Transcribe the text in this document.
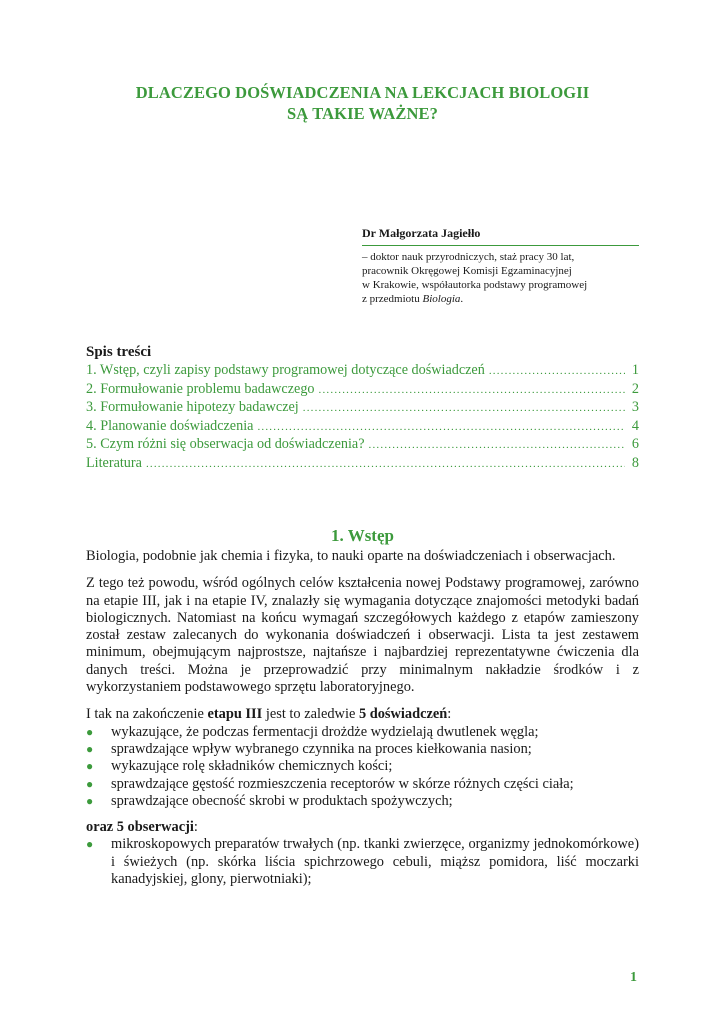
DLACZEGO DOŚWIADCZENIA NA LEKCJACH BIOLOGII
SĄ TAKIE WAŻNE?
Dr Małgorzata Jagiełło
– doktor nauk przyrodniczych, staż pracy 30 lat,
pracownik Okręgowej Komisji Egzaminacyjnej
w Krakowie, współautorka podstawy programowej
z przedmiotu Biologia.
Spis treści
1. Wstęp, czyli zapisy podstawy programowej dotyczące doświadczeń .....	1
2. Formułowanie problemu badawczego .....	2
3. Formułowanie hipotezy badawczej .....	3
4. Planowanie doświadczenia .....	4
5. Czym różni się obserwacja od doświadczenia? .....	6
Literatura .....	8
1. Wstęp

Biologia, podobnie jak chemia i fizyka, to nauki oparte na doświadczeniach i obserwacjach.

Z tego też powodu, wśród ogólnych celów kształcenia nowej Podstawy programowej, zarówno na etapie III, jak i na etapie IV, znalazły się wymagania dotyczące znajomości metodyki badań biologicznych. Natomiast na końcu wymagań szczegółowych każdego z etapów zamieszony został zestaw zalecanych do wykonania doświadczeń i obserwacji. Lista ta jest zestawem minimum, obejmującym najprostsze, najtańsze i najbardziej reprezentatywne ćwiczenia dla danych treści. Można je przeprowadzić przy minimalnym nakładzie środków i z wykorzystaniem podstawowego sprzętu laboratoryjnego.

I tak na zakończenie etapu III jest to zaledwie 5 doświadczeń:

● wykazujące, że podczas fermentacji drożdże wydzielają dwutlenek węgla;
● sprawdzające wpływ wybranego czynnika na proces kiełkowania nasion;
● wykazujące rolę składników chemicznych kości;
● sprawdzające gęstość rozmieszczenia receptorów w skórze różnych części ciała;
● sprawdzające obecność skrobi w produktach spożywczych;

oraz 5 obserwacji:

● mikroskopowych preparatów trwałych (np. tkanki zwierzęce, organizmy jednokomórkowe) i świeżych (np. skórka liścia spichrzowego cebuli, miąższ pomidora, liść moczarki kanadyjskiej, glony, pierwotniaki);
1
